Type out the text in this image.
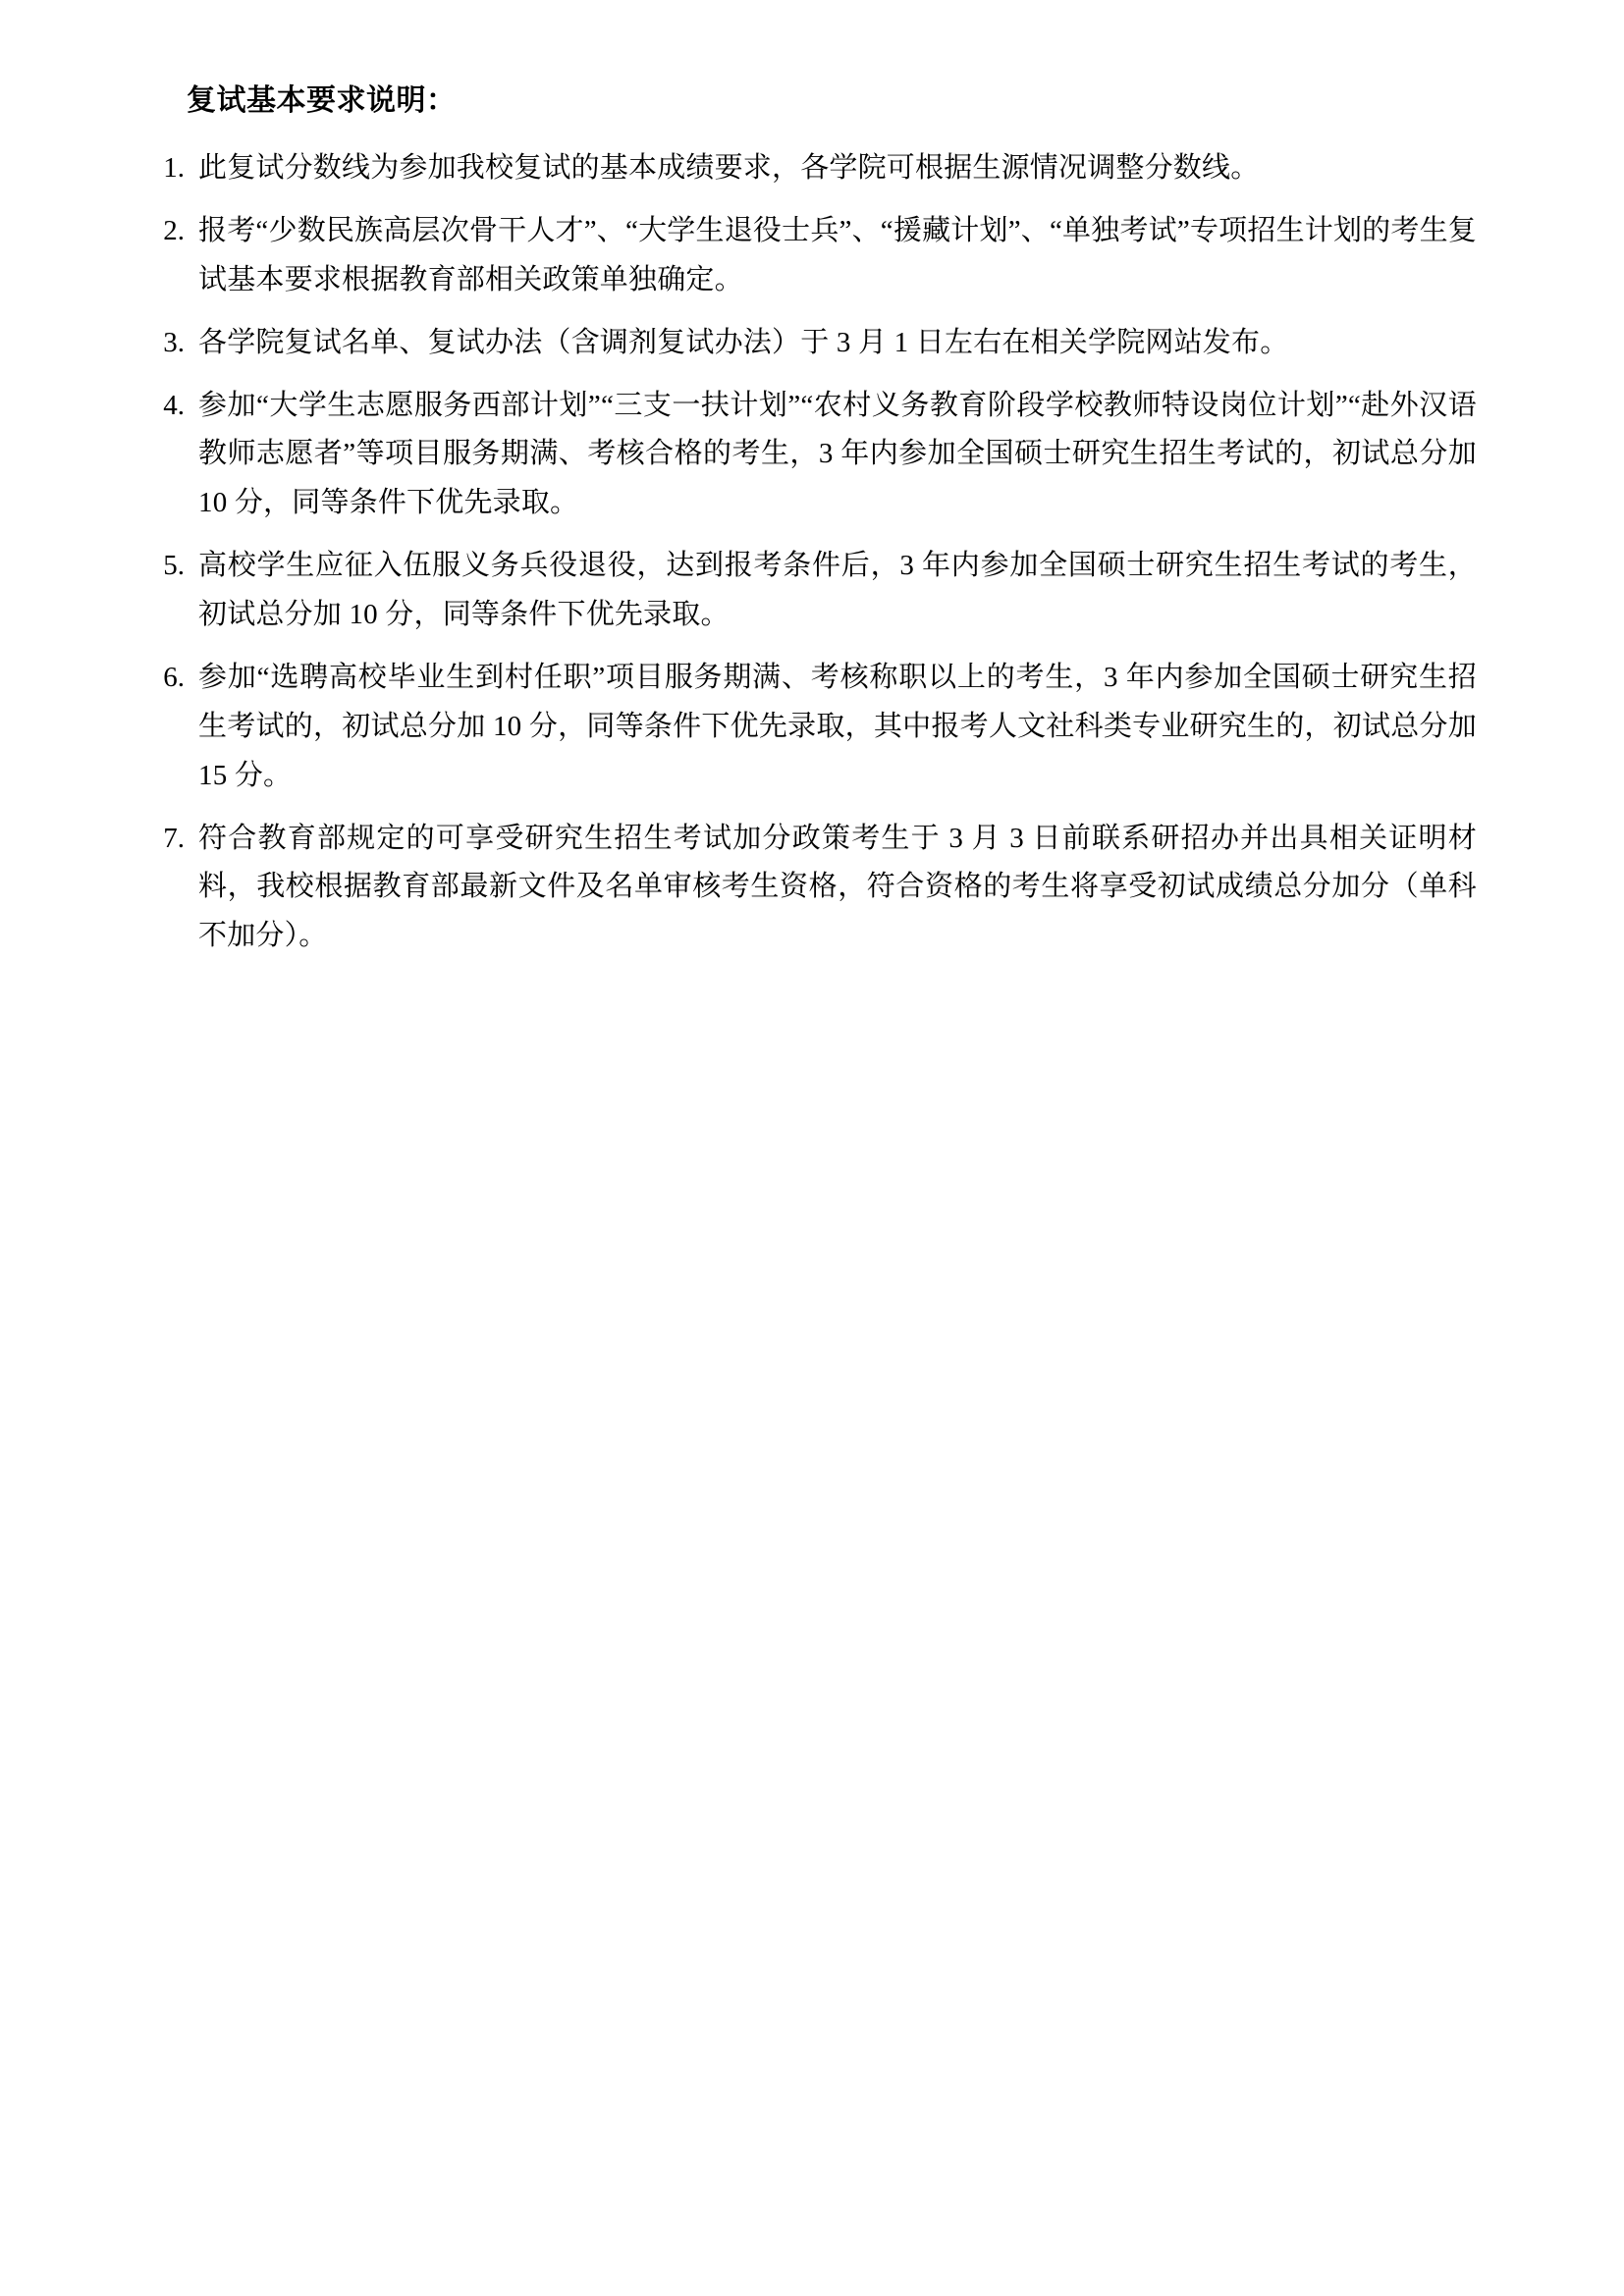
复试基本要求说明：
1. 此复试分数线为参加我校复试的基本成绩要求，各学院可根据生源情况调整分数线。
2. 报考“少数民族高层次骨干人才”、“大学生退役士兵”、“援藏计划”、“单独考试”专项招生计划的考生复试基本要求根据教育部相关政策单独确定。
3. 各学院复试名单、复试办法（含调剂复试办法）于 3 月 1 日左右在相关学院网站发布。
4. 参加“大学生志愿服务西部计划”“三支一扶计划”“农村义务教育阶段学校教师特设岗位计划”“赴外汉语教师志愿者”等项目服务期满、考核合格的考生，3 年内参加全国硕士研究生招生考试的，初试总分加 10 分，同等条件下优先录取。
5. 高校学生应征入伍服义务兵役退役，达到报考条件后，3 年内参加全国硕士研究生招生考试的考生，初试总分加 10 分，同等条件下优先录取。
6. 参加“选聘高校毕业生到村任职”项目服务期满、考核称职以上的考生，3 年内参加全国硕士研究生招生考试的，初试总分加 10 分，同等条件下优先录取，其中报考人文社科类专业研究生的，初试总分加 15 分。
7. 符合教育部规定的可享受研究生招生考试加分政策考生于 3 月 3 日前联系研招办并出具相关证明材料，我校根据教育部最新文件及名单审核考生资格，符合资格的考生将享受初试成绩总分加分（单科不加分）。
